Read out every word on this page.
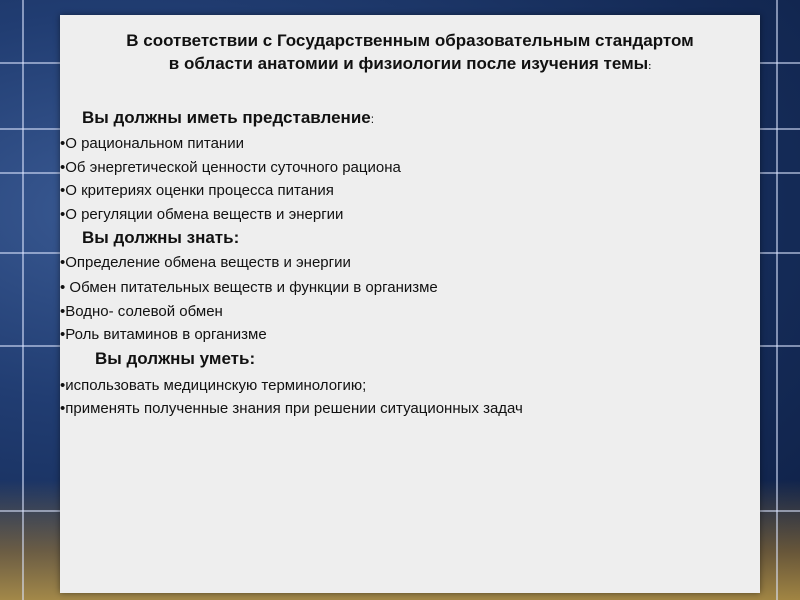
В соответствии с Государственным образовательным стандартом
в области анатомии и физиологии после изучения темы:
Вы должны иметь представление:
•О рациональном питании
•Об энергетической ценности суточного рациона
•О критериях оценки процесса питания
•О регуляции обмена веществ и энергии
Вы должны знать:
•Определение обмена веществ и энергии
• Обмен питательных веществ и функции в организме
•Водно- солевой обмен
•Роль витаминов в организме
Вы должны уметь:
•использовать медицинскую терминологию;
•применять полученные знания при решении ситуационных задач
